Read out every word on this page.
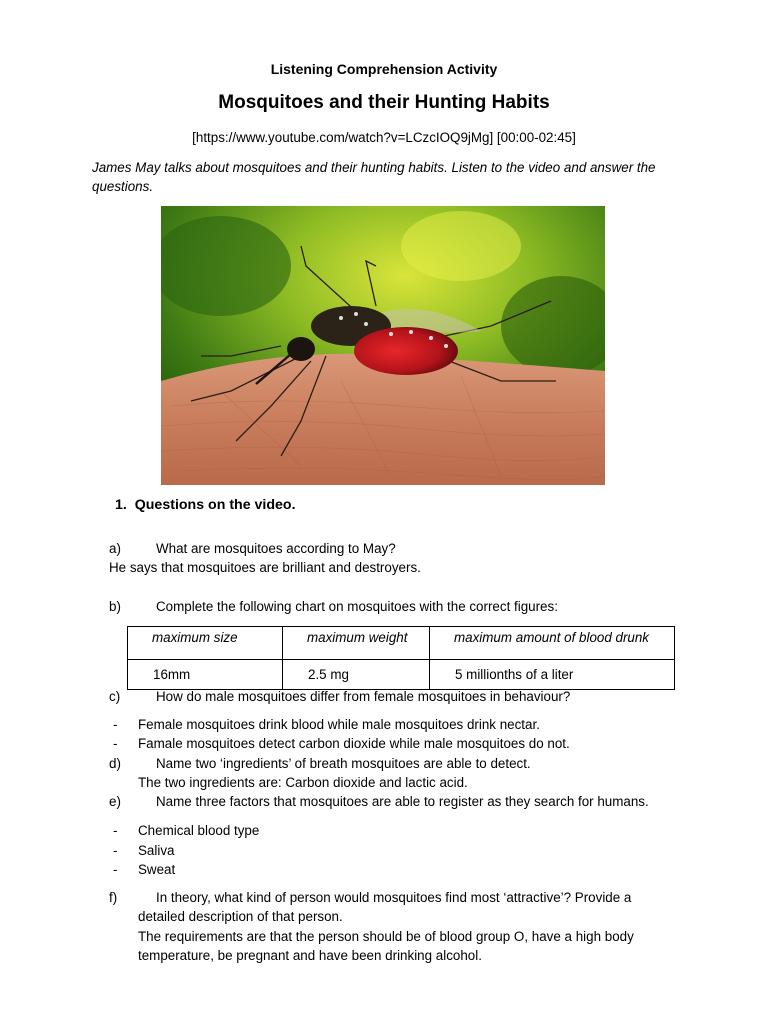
Listening Comprehension Activity
Mosquitoes and their Hunting Habits
[https://www.youtube.com/watch?v=LCzcIOQ9jMg] [00:00-02:45]
James May talks about mosquitoes and their hunting habits. Listen to the video and answer the questions.
1. Questions on the video.
a)	What are mosquitoes according to May?
He says that mosquitoes are brilliant and destroyers.
b)	Complete the following chart on mosquitoes with the correct figures:
maximum size	maximum weight	maximum amount of blood drunk
16mm	2.5 mg	5 millionths of a liter
c)	How do male mosquitoes differ from female mosquitoes in behaviour?
- Female mosquitoes drink blood while male mosquitoes drink nectar.
- Famale mosquitoes detect carbon dioxide while male mosquitoes do not.
d)	Name two ‘ingredients’ of breath mosquitoes are able to detect.
The two ingredients are: Carbon dioxide and lactic acid.
e)	Name three factors that mosquitoes are able to register as they search for humans.
- Chemical blood type
- Saliva
- Sweat
f)	In theory, what kind of person would mosquitoes find most ‘attractive’? Provide a
detailed description of that person.
The requirements are that the person should be of blood group O, have a high body
temperature, be pregnant and have been drinking alcohol.
